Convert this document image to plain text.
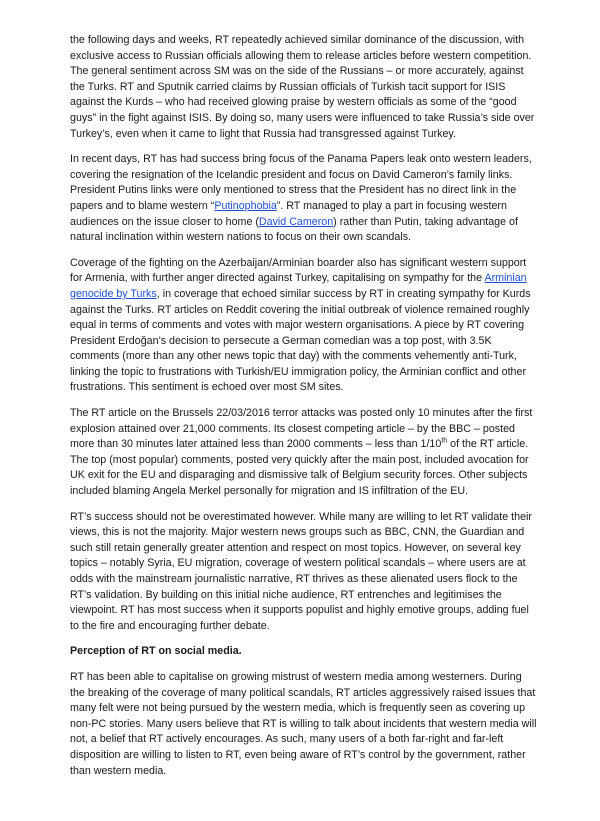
the following days and weeks, RT repeatedly achieved similar dominance of the discussion, with exclusive access to Russian officials allowing them to release articles before western competition. The general sentiment across SM was on the side of the Russians – or more accurately, against the Turks. RT and Sputnik carried claims by Russian officials of Turkish tacit support for ISIS against the Kurds – who had received glowing praise by western officials as some of the “good guys” in the fight against ISIS. By doing so, many users were influenced to take Russia’s side over Turkey’s, even when it came to light that Russia had transgressed against Turkey.

In recent days, RT has had success bring focus of the Panama Papers leak onto western leaders, covering the resignation of the Icelandic president and focus on David Cameron’s family links. President Putins links were only mentioned to stress that the President has no direct link in the papers and to blame western “Putinophobia”. RT managed to play a part in focusing western audiences on the issue closer to home (David Cameron) rather than Putin, taking advantage of natural inclination within western nations to focus on their own scandals.

Coverage of the fighting on the Azerbaijan/Arminian boarder also has significant western support for Armenia, with further anger directed against Turkey, capitalising on sympathy for the Arminian genocide by Turks, in coverage that echoed similar success by RT in creating sympathy for Kurds against the Turks. RT articles on Reddit covering the initial outbreak of violence remained roughly equal in terms of comments and votes with major western organisations. A piece by RT covering President Erdoğan’s decision to persecute a German comedian was a top post, with 3.5K comments (more than any other news topic that day) with the comments vehemently anti-Turk, linking the topic to frustrations with Turkish/EU immigration policy, the Arminian conflict and other frustrations. This sentiment is echoed over most SM sites.

The RT article on the Brussels 22/03/2016 terror attacks was posted only 10 minutes after the first explosion attained over 21,000 comments. Its closest competing article – by the BBC – posted more than 30 minutes later attained less than 2000 comments – less than 1/10th of the RT article. The top (most popular) comments, posted very quickly after the main post, included avocation for UK exit for the EU and disparaging and dismissive talk of Belgium security forces. Other subjects included blaming Angela Merkel personally for migration and IS infiltration of the EU.

RT’s success should not be overestimated however. While many are willing to let RT validate their views, this is not the majority. Major western news groups such as BBC, CNN, the Guardian and such still retain generally greater attention and respect on most topics. However, on several key topics – notably Syria, EU migration, coverage of western political scandals – where users are at odds with the mainstream journalistic narrative, RT thrives as these alienated users flock to the RT’s validation. By building on this initial niche audience, RT entrenches and legitimises the viewpoint. RT has most success when it supports populist and highly emotive groups, adding fuel to the fire and encouraging further debate.

Perception of RT on social media.

RT has been able to capitalise on growing mistrust of western media among westerners. During the breaking of the coverage of many political scandals, RT articles aggressively raised issues that many felt were not being pursued by the western media, which is frequently seen as covering up non-PC stories. Many users believe that RT is willing to talk about incidents that western media will not, a belief that RT actively encourages. As such, many users of a both far-right and far-left disposition are willing to listen to RT, even being aware of RT’s control by the government, rather than western media.
